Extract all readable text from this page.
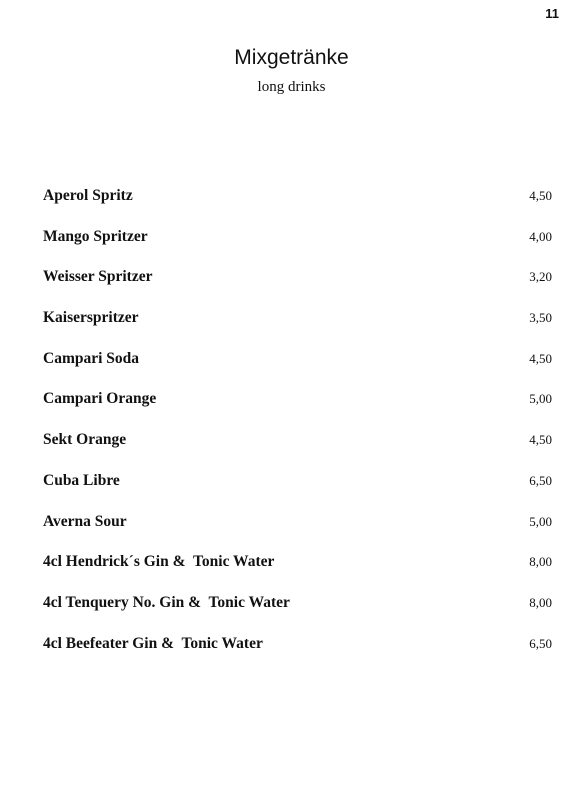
11
Mixgetränke
long drinks
Aperol Spritz	4,50
Mango Spritzer	4,00
Weisser Spritzer	3,20
Kaiserspritzer	3,50
Campari Soda	4,50
Campari Orange	5,00
Sekt Orange	4,50
Cuba Libre	6,50
Averna Sour	5,00
4cl Hendrick´s Gin &  Tonic Water	8,00
4cl Tenquery No. Gin &  Tonic Water	8,00
4cl Beefeater Gin &  Tonic Water	6,50
